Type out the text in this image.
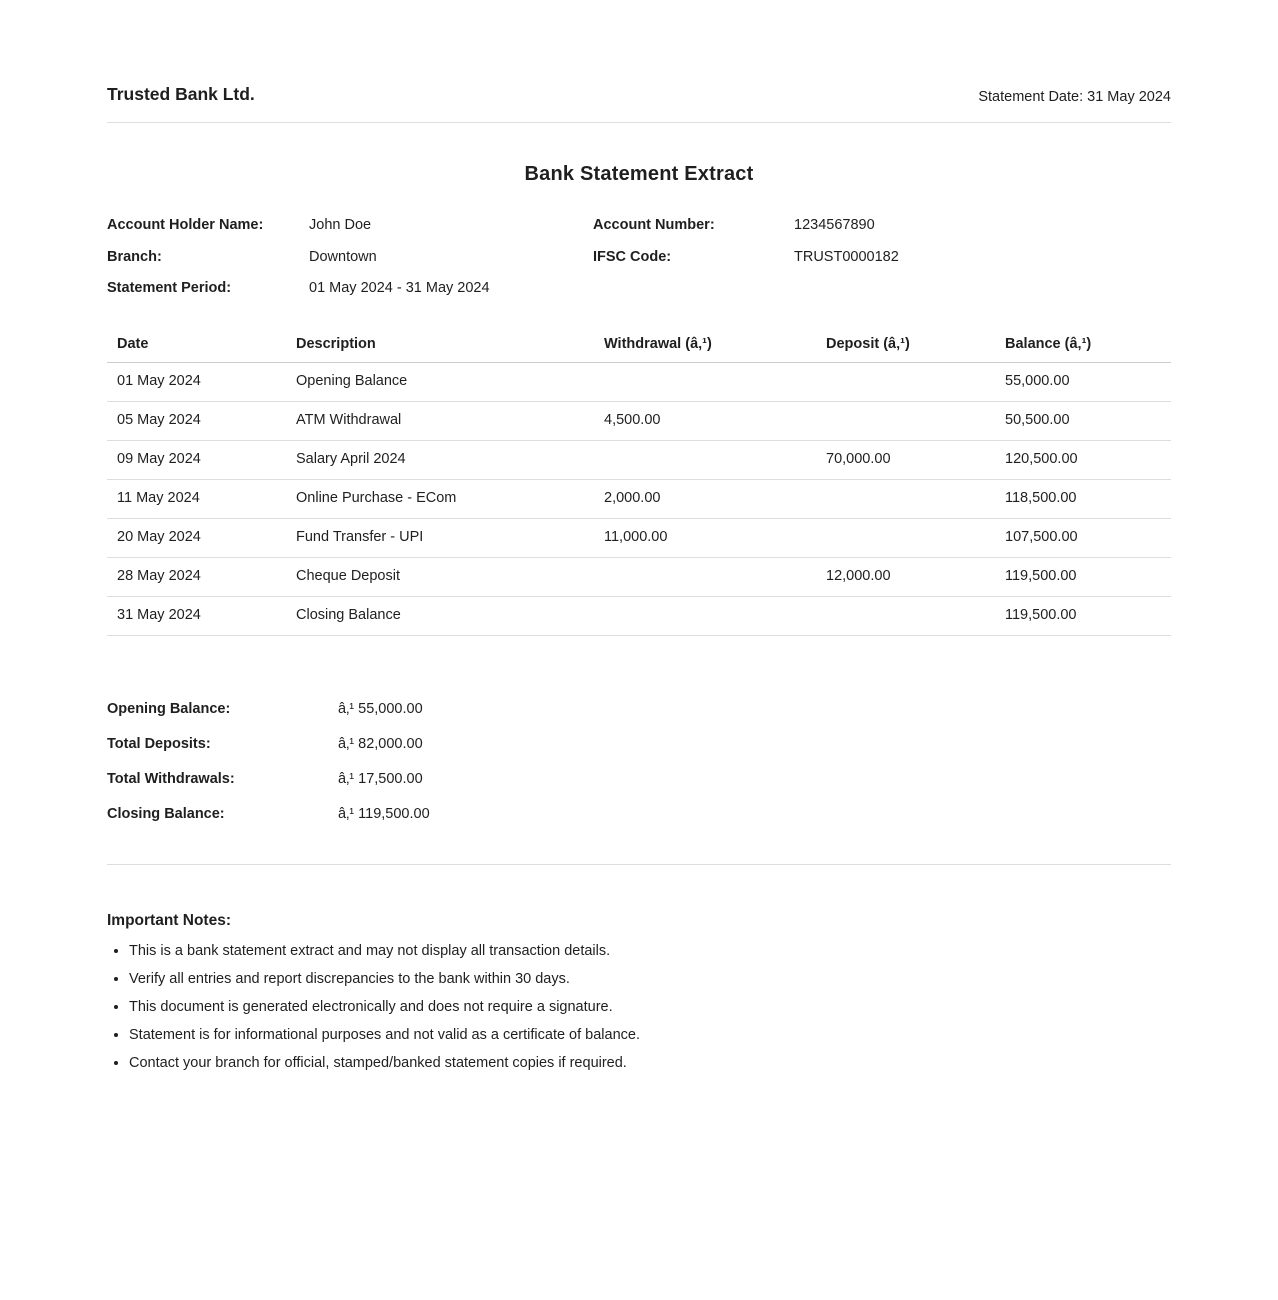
Trusted Bank Ltd.	Statement Date: 31 May 2024
Bank Statement Extract
Account Holder Name:	John Doe	Account Number:	1234567890
Branch:	Downtown	IFSC Code:	TRUST0000182
Statement Period:	01 May 2024 - 31 May 2024
Date	Description	Withdrawal (â‚¹)	Deposit (â‚¹)	Balance (â‚¹)
01 May 2024	Opening Balance			55,000.00
05 May 2024	ATM Withdrawal	4,500.00		50,500.00
09 May 2024	Salary April 2024		70,000.00	120,500.00
11 May 2024	Online Purchase - ECom	2,000.00		118,500.00
20 May 2024	Fund Transfer - UPI	11,000.00		107,500.00
28 May 2024	Cheque Deposit		12,000.00	119,500.00
31 May 2024	Closing Balance			119,500.00
Opening Balance:	â‚¹ 55,000.00
Total Deposits:	â‚¹ 82,000.00
Total Withdrawals:	â‚¹ 17,500.00
Closing Balance:	â‚¹ 119,500.00
Important Notes:
• This is a bank statement extract and may not display all transaction details.
• Verify all entries and report discrepancies to the bank within 30 days.
• This document is generated electronically and does not require a signature.
• Statement is for informational purposes and not valid as a certificate of balance.
• Contact your branch for official, stamped/banked statement copies if required.
